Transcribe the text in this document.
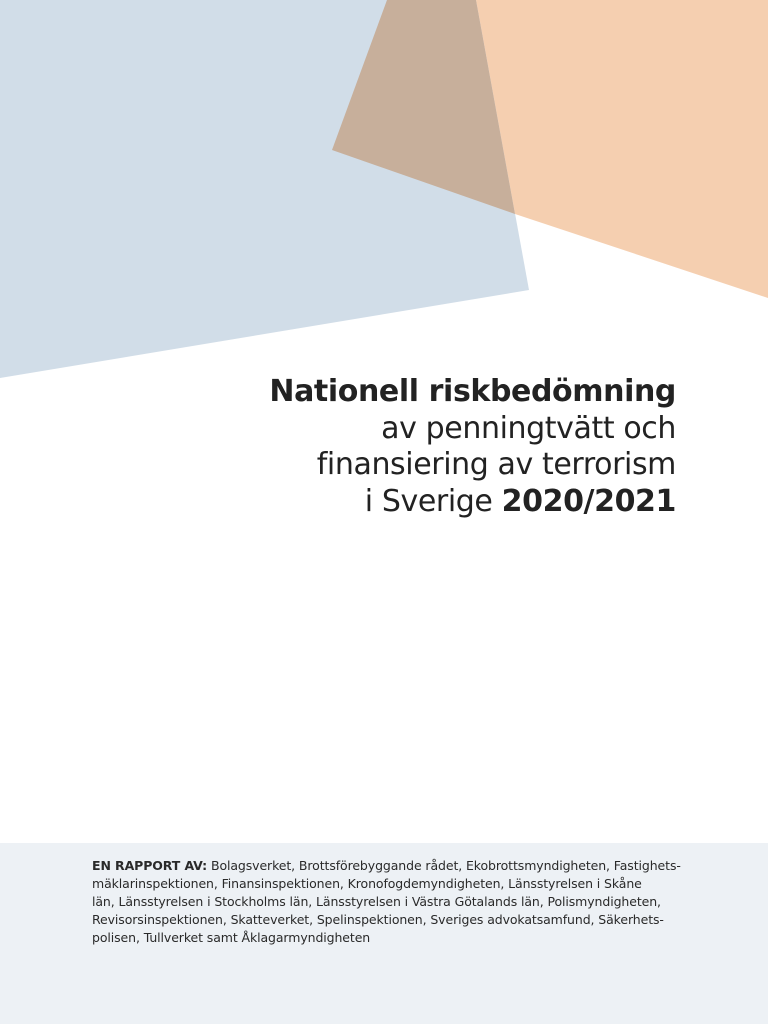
Nationell riskbedömning
av penningtvätt och
finansiering av terrorism
i Sverige 2020/2021
EN RAPPORT AV: Bolagsverket, Brottsförebyggande rådet, Ekobrottsmyndigheten, Fastighets-
mäklarinspektionen, Finansinspektionen, Kronofogdemyndigheten, Länsstyrelsen i Skåne
län, Länsstyrelsen i Stockholms län, Länsstyrelsen i Västra Götalands län, Polismyndigheten,
Revisorsinspektionen, Skatteverket, Spelinspektionen, Sveriges advokatsamfund, Säkerhets-
polisen, Tullverket samt Åklagarmyndigheten
